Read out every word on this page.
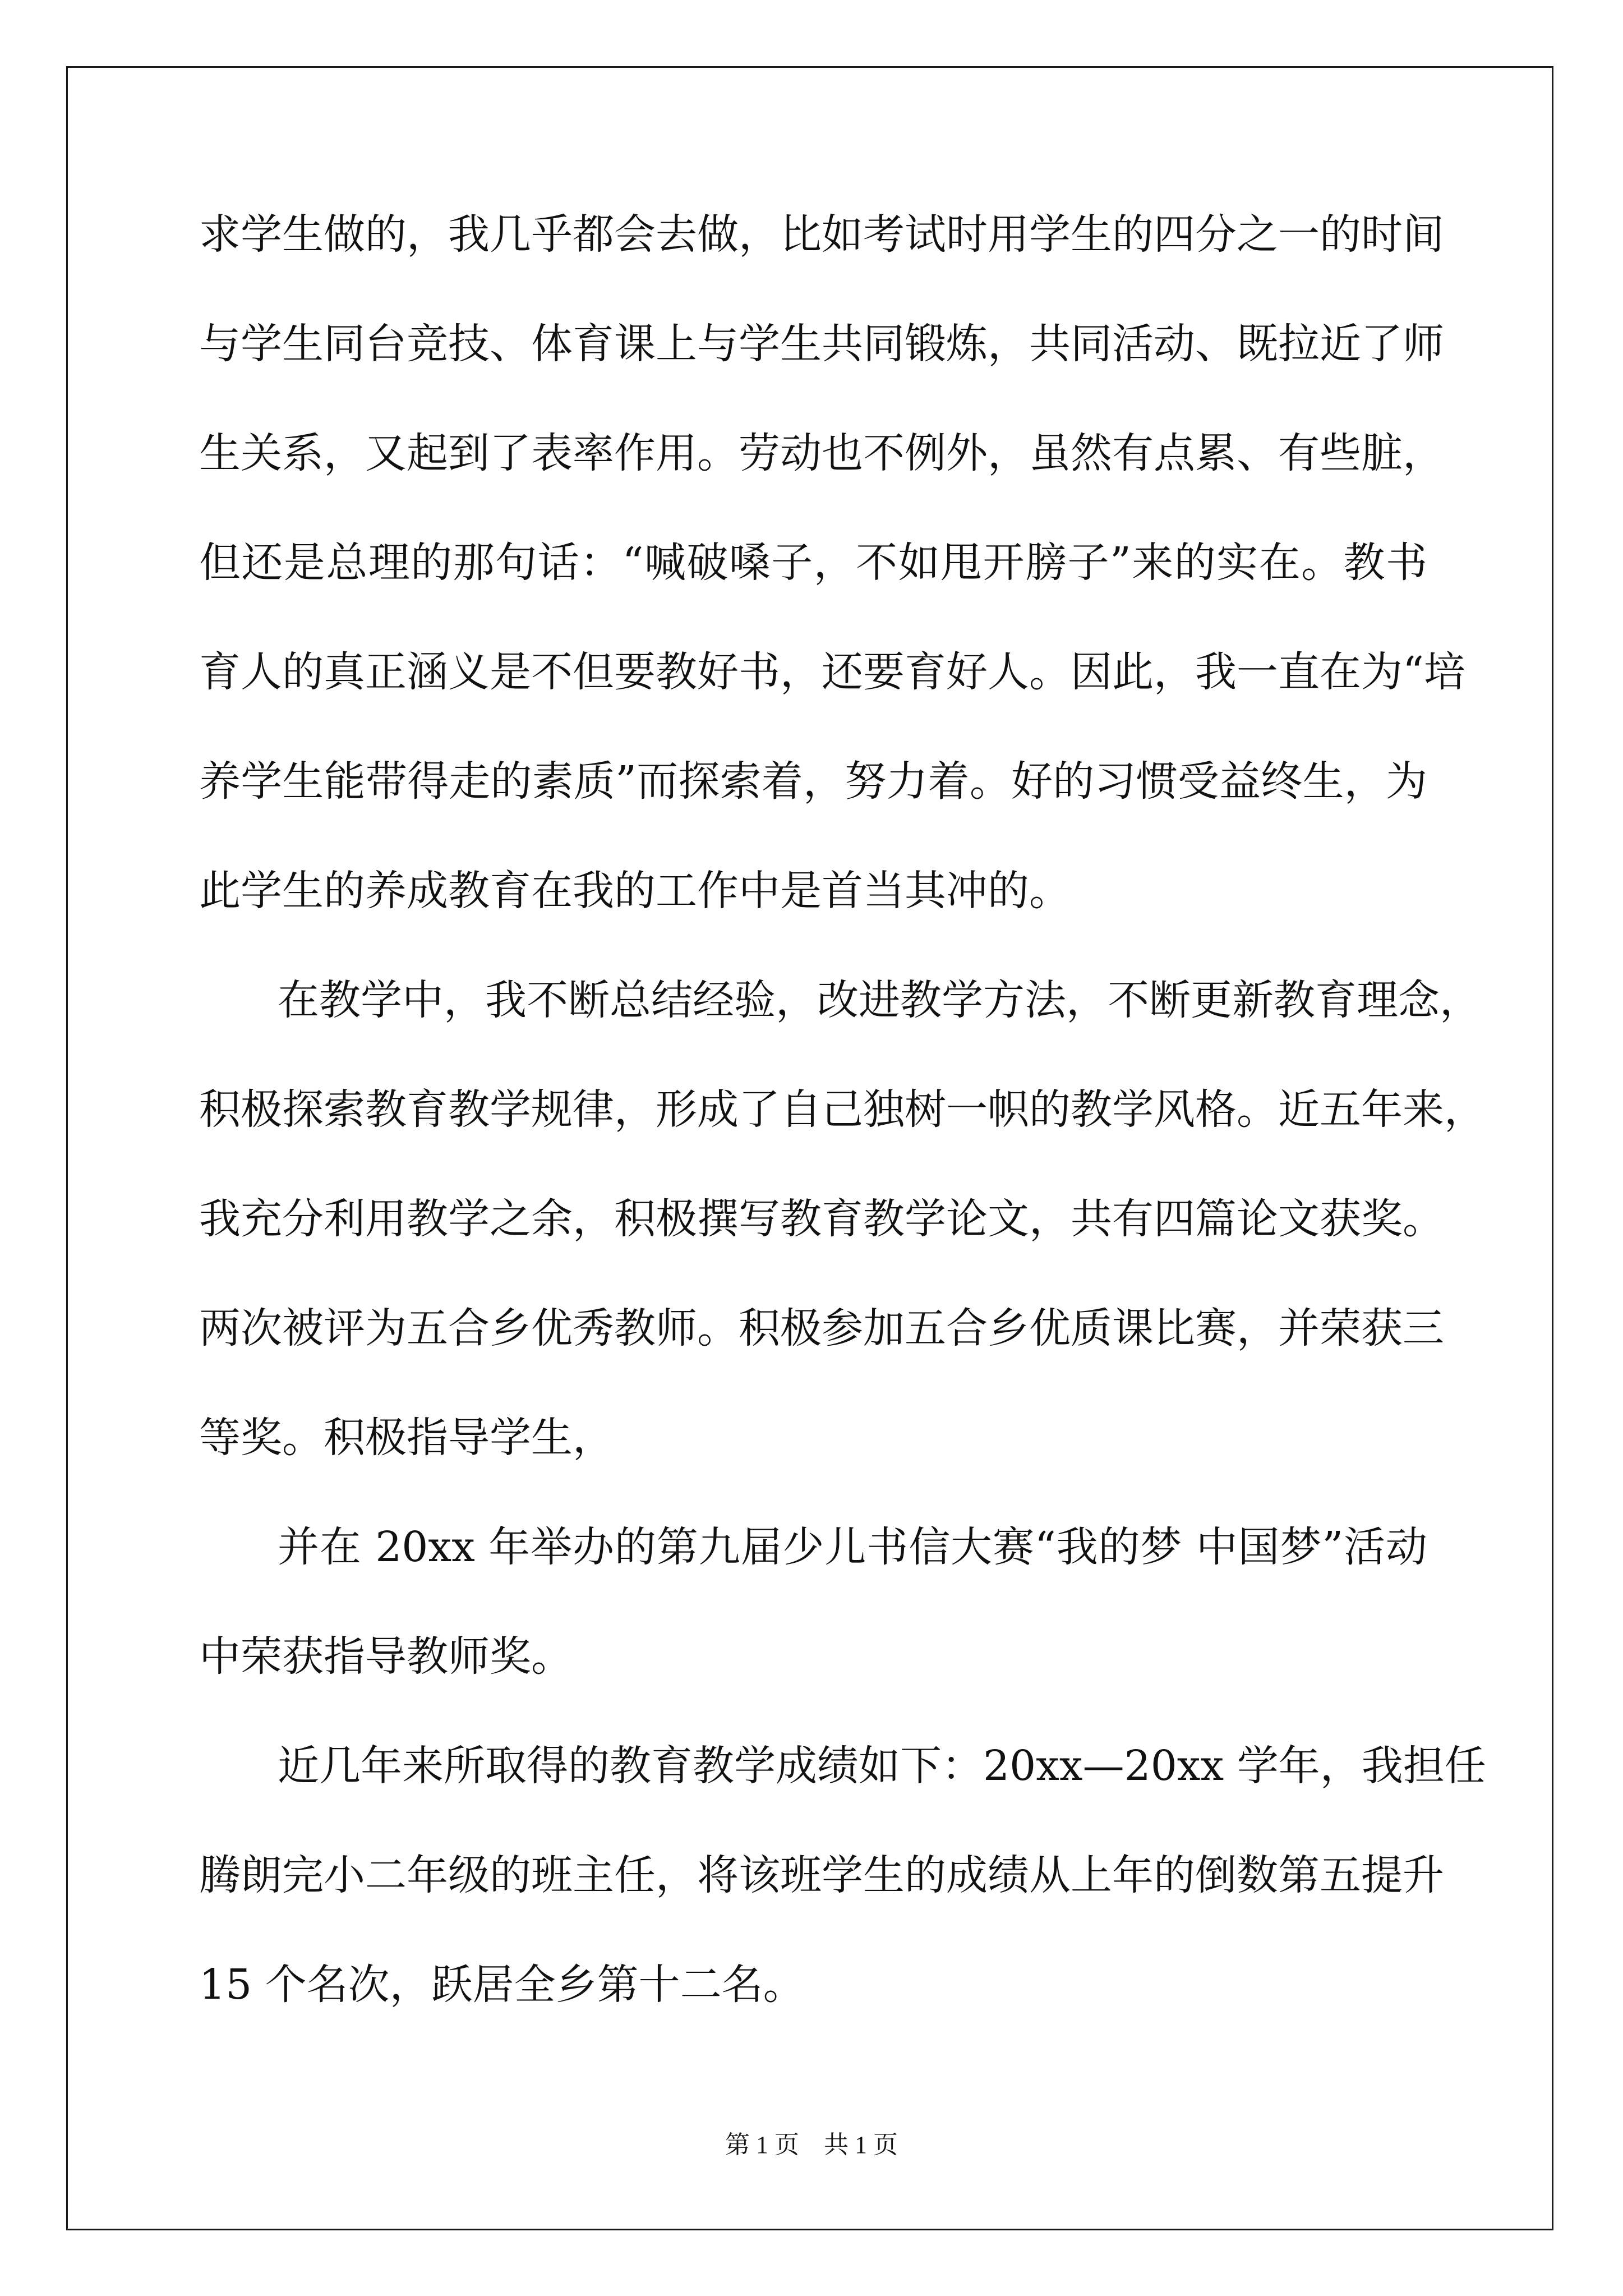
求学生做的，我几乎都会去做，比如考试时用学生的四分之一的时间

与学生同台竞技、体育课上与学生共同锻炼，共同活动、既拉近了师

生关系，又起到了表率作用。劳动也不例外，虽然有点累、有些脏，

但还是总理的那句话：“喊破嗓子，不如甩开膀子”来的实在。教书

育人的真正涵义是不但要教好书，还要育好人。因此，我一直在为“培

养学生能带得走的素质”而探索着，努力着。好的习惯受益终生，为

此学生的养成教育在我的工作中是首当其冲的。

在教学中，我不断总结经验，改进教学方法，不断更新教育理念，

积极探索教育教学规律，形成了自己独树一帜的教学风格。近五年来，

我充分利用教学之余，积极撰写教育教学论文，共有四篇论文获奖。

两次被评为五合乡优秀教师。积极参加五合乡优质课比赛，并荣获三

等奖。积极指导学生，

并在 20xx 年举办的第九届少儿书信大赛“我的梦 中国梦”活动

中荣获指导教师奖。

近几年来所取得的教育教学成绩如下：20xx—20xx 学年，我担任

腾朗完小二年级的班主任，将该班学生的成绩从上年的倒数第五提升

15 个名次，跃居全乡第十二名。

第 1 页    共 1 页
